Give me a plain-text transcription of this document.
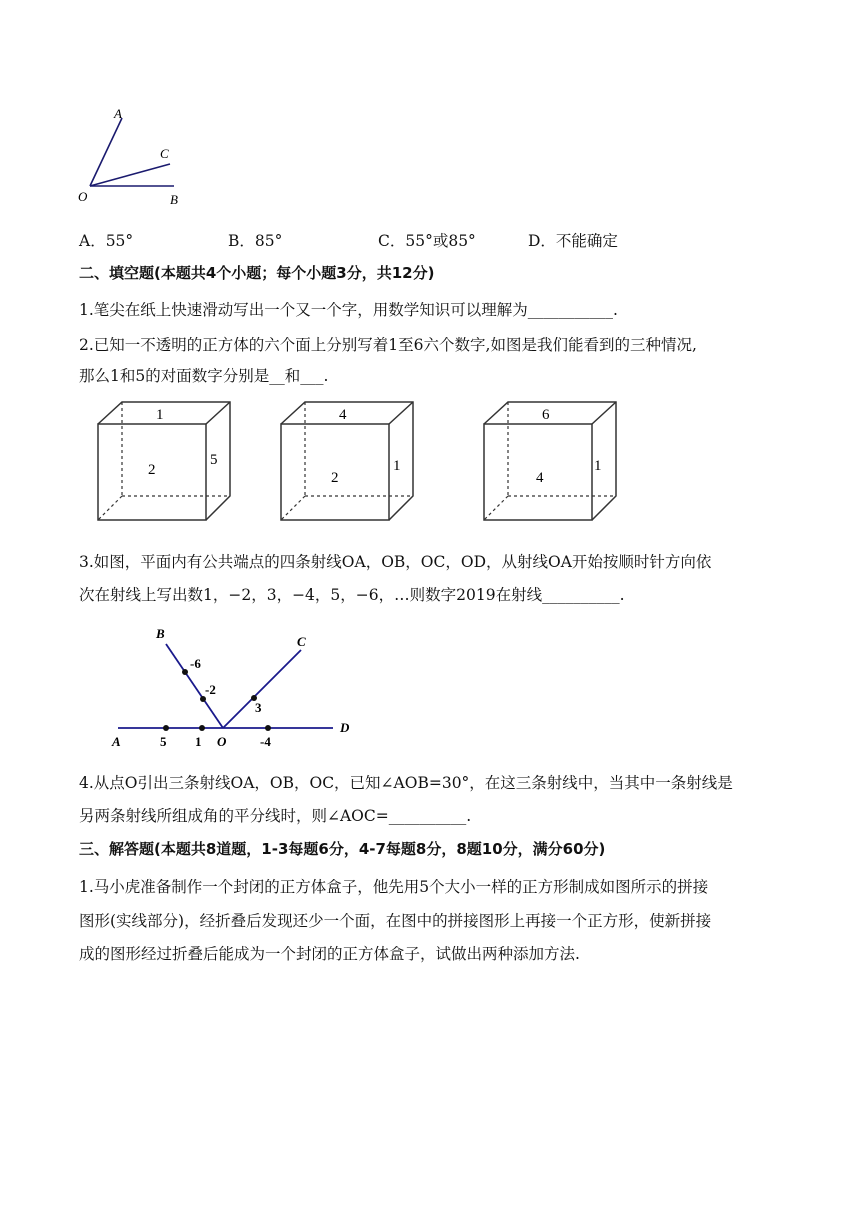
A
C
O	B
A．55°	B．85°	C．55°或85°	D．不能确定
二、填空题(本题共4个小题；每个小题3分，共12分)
1.笔尖在纸上快速滑动写出一个又一个字，用数学知识可以理解为___________.
2.已知一不透明的正方体的六个面上分别写着1至6六个数字,如图是我们能看到的三种情况,
那么1和5的对面数字分别是__和___.
1
2
5
4
2
1
6
4
1
3.如图，平面内有公共端点的四条射线OA，OB，OC，OD，从射线OA开始按顺时针方向依
次在射线上写出数1，−2，3，−4，5，−6，…则数字2019在射线__________.
A
B
C
D
O
5 1	-4
-2
-6
3
4.从点O引出三条射线OA，OB，OC，已知∠AOB=30°，在这三条射线中，当其中一条射线是
另两条射线所组成角的平分线时，则∠AOC=__________.
三、解答题(本题共8道题，1-3每题6分，4-7每题8分，8题10分，满分60分)
1.马小虎准备制作一个封闭的正方体盒子，他先用5个大小一样的正方形制成如图所示的拼接
图形(实线部分)，经折叠后发现还少一个面，在图中的拼接图形上再接一个正方形，使新拼接
成的图形经过折叠后能成为一个封闭的正方体盒子，试做出两种添加方法.
